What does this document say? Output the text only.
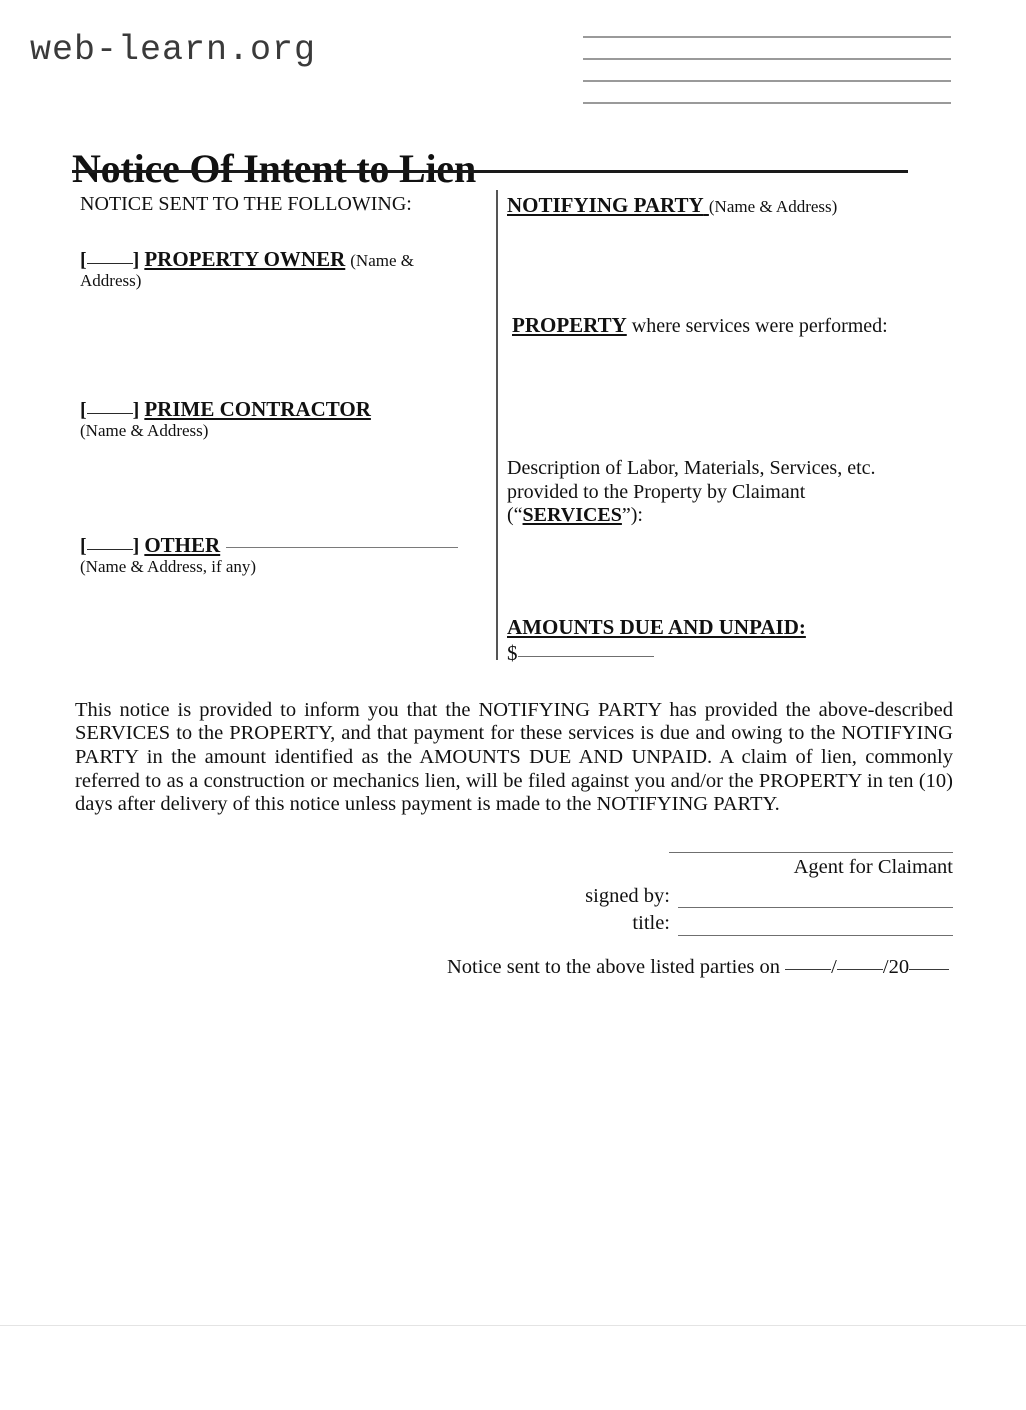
web-learn.org
Notice Of Intent to Lien
NOTICE SENT TO THE FOLLOWING:
[ ] PROPERTY OWNER (Name &
Address)
[ ] PRIME CONTRACTOR
(Name & Address)
[ ] OTHER
(Name & Address, if any)
NOTIFYING PARTY (Name & Address)
PROPERTY where services were performed:
Description of Labor, Materials, Services, etc.
provided to the Property by Claimant
(“SERVICES”):
AMOUNTS DUE AND UNPAID:
$

This notice is provided to inform you that the NOTIFYING PARTY has provided the above-described SERVICES to the PROPERTY, and that payment for these services is due and owing to the NOTIFYING PARTY in the amount identified as the AMOUNTS DUE AND UNPAID. A claim of lien, commonly referred to as a construction or mechanics lien, will be filed against you and/or the PROPERTY in ten (10) days after delivery of this notice unless payment is made to the NOTIFYING PARTY.

Agent for Claimant
signed by:
title:
Notice sent to the above listed parties on / /20
